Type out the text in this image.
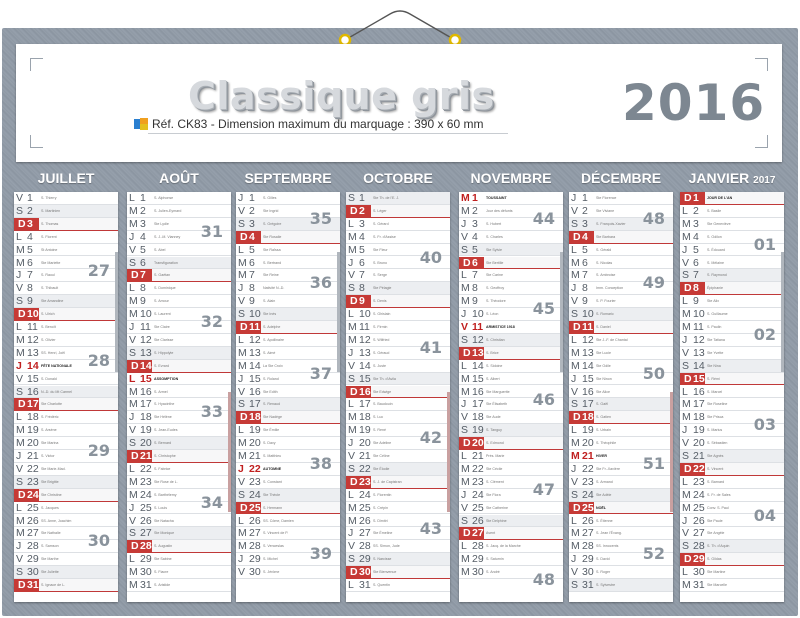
Classique gris
Réf. CK83 - Dimension maximum du marquage : 390 x 60 mm	2016
JUILLET
V 1	S. Thierry
S 2	S. Martinien
D3	S. Thomas
L 4	S. Florent
M 5	St Antoine
M 6	Ste Mariette
J 7	S. Raoul
V 8	S. Thibault
S 9	Ste Amandine
D10 S. Ulrich
L 11 S. Benoît
M 12 S. Olivier
M 13 SS. Henri, Joël
J 14 FÊTE NATIONALE
V 15 S. Donald
S 16 N.-D. du Mt Carmel
D17 Ste Charlotte
L 18 S. Frédéric
M 19 S. Arsène
M 20 Ste Marina
J 21 S. Victor
V 22 Ste Marie-Mad.
S 23 Ste Brigitte
D24 Ste Christine
L 25 S. Jacques
M 26 SS. Anne, Joachim
M 27 Ste Nathalie
J 28 S. Samson
V 29 Ste Marthe
S 30 Ste Juliette
D31 S. Ignace de L.
27
28
29
30
AOÛT
L 1	S. Alphonse
M 2	S. Julien-Eymard
M 3	Ste Lydie
J 4	S. J.-M. Vianney
V 5	S. Abel
S 6	Transfiguration
D7	S. Gaétan
L 8	S. Dominique
M 9	S. Amour
M 10 S. Laurent
J 11 Ste Claire
V 12 Ste Clarisse
S 13 S. Hippolyte
D14 S. Evrard
L 15 ASSOMPTION
M 16 S. Armel
M 17 S. Hyacinthe
J 18 Ste Hélène
V 19 S. Jean-Eudes
S 20 S. Bernard
D21 S. Christophe
L 22 S. Fabrice
M 23 Ste Rose de L.
M 24 S. Barthélemy
J 25 S. Louis
V 26 Ste Natacha
S 27 Ste Monique
D28 S. Augustin
L 29 Ste Sabine
M 30 S. Fiacre
M 31 S. Aristide
31
32
33
34
SEPTEMBRE
J 1	S. Gilles
V 2	Ste Ingrid
S 3	S. Grégoire
D4	Ste Rosalie
L 5	Ste Raïssa
M 6	S. Bertrand
M 7	Ste Reine
J 8	Nativité N.-D.
V 9	S. Alain
S 10 Ste Inès
D11 S. Adelphe
L 12 S. Apollinaire
M 13 S. Aimé
M 14 La Ste Croix
J 15 S. Roland
V 16 Ste Edith
S 17 S. Renaud
D18 Ste Nadège
L 19 Ste Émilie
M 20 S. Davy
M 21 S. Matthieu
J 22 AUTOMNE
V 23 S. Constant
S 24 Ste Thècle
D25 S. Hermann
L 26 SS. Côme, Damien
M 27 S. Vincent de P.
M 28 S. Venceslas
J 29 S. Michel
V 30 S. Jérôme
35
36
37
38
39
OCTOBRE
S 1	Ste Th. de l'E. J.
D2	S. Léger
L 3	S. Gérard
M 4	S. Fr. d'Assise
M 5	Ste Fleur
J 6	S. Bruno
V 7	S. Serge
S 8	Ste Pélagie
D9	S. Denis
L 10 S. Ghislain
M 11 S. Firmin
M 12 S. Wilfried
J 13 S. Géraud
V 14 S. Juste
S 15 Ste Th. d'Avila
D16 Ste Edwige
L 17 S. Baudouin
M 18 S. Luc
M 19 S. René
J 20 Ste Adeline
V 21 Ste Céline
S 22 Ste Élodie
D23 S. J. de Capistran
L 24 S. Florentin
M 25 S. Crépin
M 26 S. Dimitri
J 27 Ste Émeline
V 28 SS. Simon, Jude
S 29 S. Narcisse
D30 Ste Bienvenue
L 31 S. Quentin
40
41
42
43
NOVEMBRE
M 1	TOUSSAINT
M 2	Jour des défunts
J 3	S. Hubert
V 4	S. Charles
S 5	Ste Sylvie
D6	Ste Bertille
L 7	Ste Carine
M 8	S. Geoffroy
M 9	S. Théodore
J 10 S. Léon
V 11 ARMISTICE 1918
S 12 S. Christian
D13 S. Brice
L 14 S. Sidoine
M 15 S. Albert
M 16 Ste Marguerite
J 17 Ste Élisabeth
V 18 Ste Aude
S 19 S. Tanguy
D20 S. Edmond
L 21 Prés. Marie
M 22 Ste Cécile
M 23 S. Clément
J 24 Ste Flora
V 25 Ste Catherine
S 26 Ste Delphine
D27 Avent
L 28 S. Jacq. de la Marche
M 29 S. Saturnin
M 30 S. André
44
45
46
47
48
DÉCEMBRE
J 1	Ste Florence
V 2	Ste Viviane
S 3	S. François-Xavier
D4	Ste Barbara
L 5	S. Gérald
M 6	S. Nicolas
M 7	S. Ambroise
J 8	Imm. Conception
V 9	S. P. Fourier
S 10 S. Romaric
D11 S. Daniel
L 12 Ste J.-F. de Chantal
M 13 Ste Lucie
M 14 Ste Odile
J 15 Ste Ninon
V 16 Ste Alice
S 17 S. Gaël
D18 S. Gatien
L 19 S. Urbain
M 20 S. Théophile
M 21 HIVER
J 22 Ste Fr.-Xavière
V 23 S. Armand
S 24 Ste Adèle
D25 NOËL
L 26 S. Étienne
M 27 S. Jean l'Évang.
M 28 SS. Innocents
J 29 S. David
V 30 S. Roger
S 31 S. Sylvestre
48
49
50
51
52
JANVIER 2017
D1	JOUR DE L'AN
L 2	S. Basile
M 3	Ste Geneviève
M 4	S. Odilon
J 5	S. Édouard
V 6	S. Mélaine
S 7	S. Raymond
D8	Épiphanie
L 9	Ste Alix
M 10 S. Guillaume
M 11 S. Paulin
J 12 Ste Tatiana
V 13 Ste Yvette
S 14 Ste Nina
D15 S. Rémi
L 16 S. Marcel
M 17 Ste Roseline
M 18 Ste Prisca
J 19 S. Marius
V 20 S. Sébastien
S 21 Ste Agnès
D22 S. Vincent
L 23 S. Barnard
M 24 S. Fr. de Sales
M 25 Conv. S. Paul
J 26 Ste Paule
V 27 Ste Angèle
S 28 S. Th. d'Aquin
D29 S. Gildas
L 30 Ste Martine
M 31 Ste Marcelle
01
02
03
04
